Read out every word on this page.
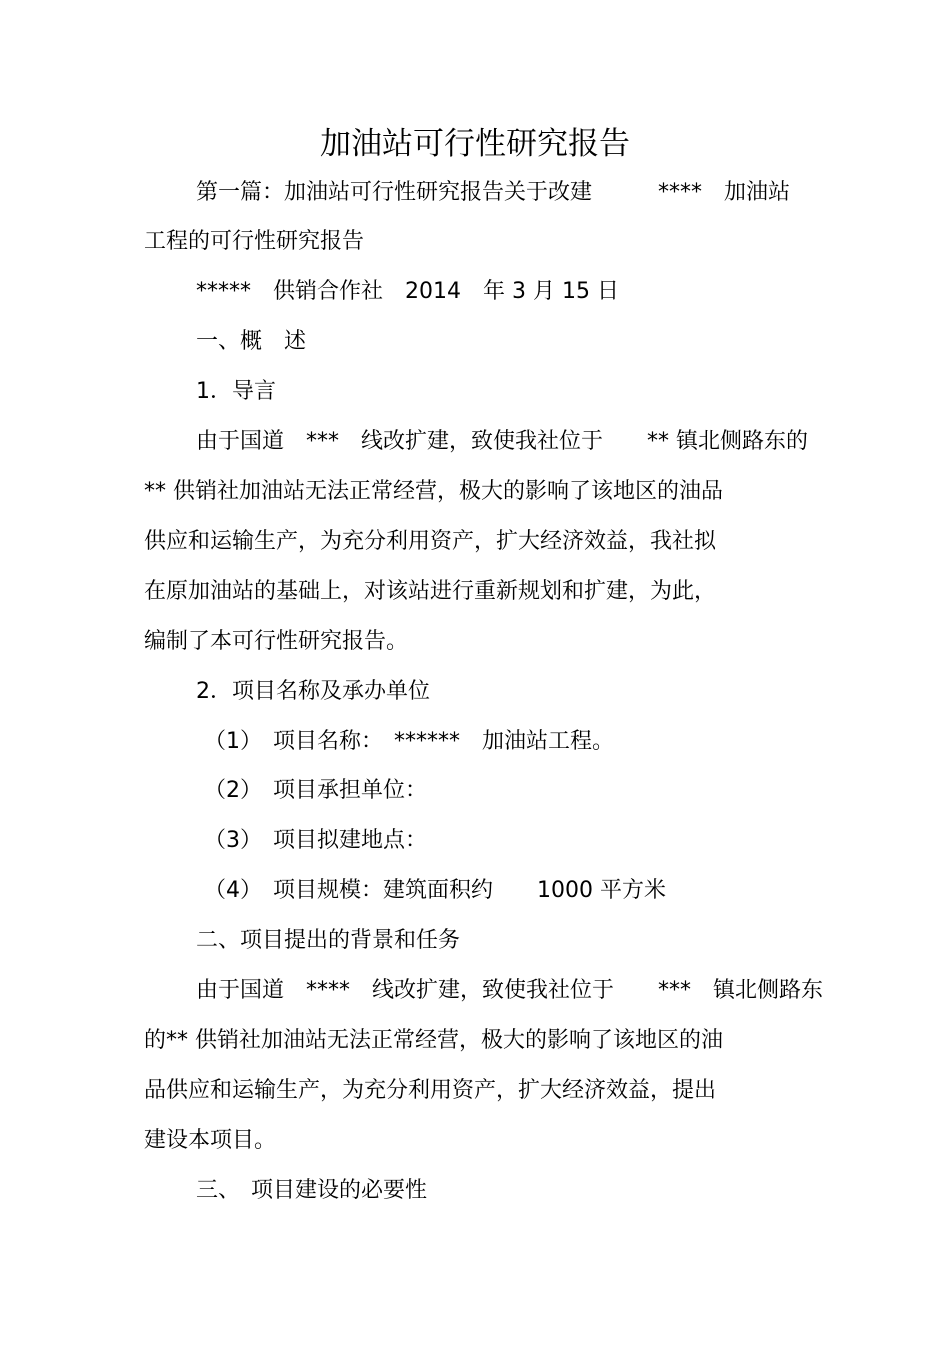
加油站可行性研究报告
第一篇：加油站可行性研究报告关于改建　　　****　加油站
工程的可行性研究报告
*****　供销合作社　2014　年 3 月 15 日
一、概　述
1．导言
由于国道　***　线改扩建，致使我社位于　　** 镇北侧路东的
** 供销社加油站无法正常经营，极大的影响了该地区的油品
供应和运输生产，为充分利用资产，扩大经济效益，我社拟
在原加油站的基础上，对该站进行重新规划和扩建，为此，
编制了本可行性研究报告。
2．项目名称及承办单位
（1）　项目名称：　******　加油站工程。
（2）　项目承担单位：
（3）　项目拟建地点：
（4）　项目规模：建筑面积约　　1000 平方米
二、项目提出的背景和任务
由于国道　****　线改扩建，致使我社位于　　***　镇北侧路东
的** 供销社加油站无法正常经营，极大的影响了该地区的油
品供应和运输生产，为充分利用资产，扩大经济效益，提出
建设本项目。
三、　项目建设的必要性
